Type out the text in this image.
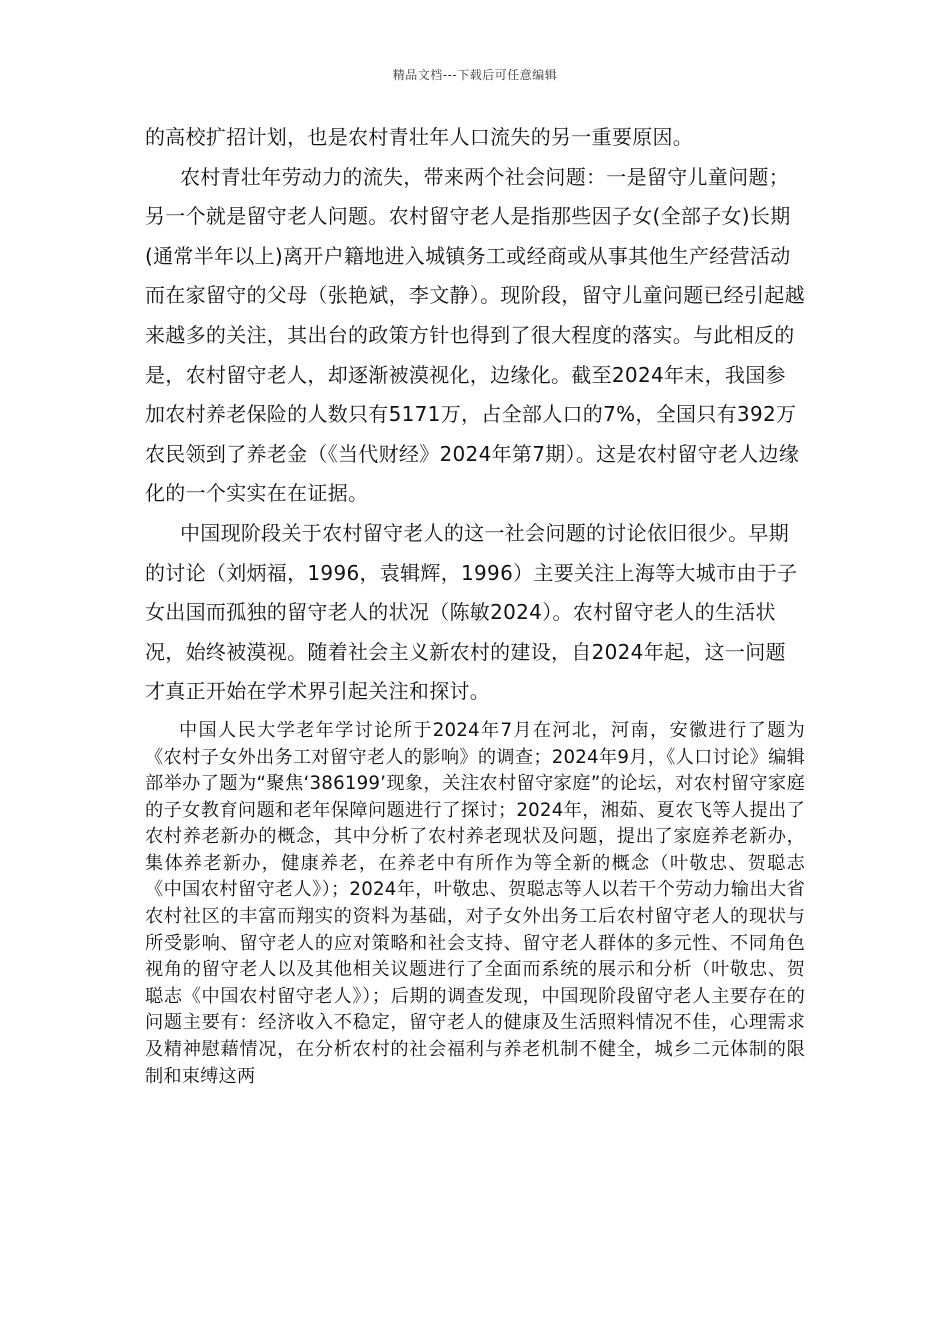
精品文档---下载后可任意编辑

的高校扩招计划，也是农村青壮年人口流失的另一重要原因。

农村青壮年劳动力的流失，带来两个社会问题：一是留守儿童问题；另一个就是留守老人问题。农村留守老人是指那些因子女(全部子女)长期(通常半年以上)离开户籍地进入城镇务工或经商或从事其他生产经营活动而在家留守的父母（张艳斌，李文静）。现阶段，留守儿童问题已经引起越来越多的关注，其出台的政策方针也得到了很大程度的落实。与此相反的是，农村留守老人，却逐渐被漠视化，边缘化。截至2024年末，我国参加农村养老保险的人数只有5171万，占全部人口的7%，全国只有392万农民领到了养老金（《当代财经》2024年第7期）。这是农村留守老人边缘化的一个实实在在证据。

中国现阶段关于农村留守老人的这一社会问题的讨论依旧很少。早期的讨论（刘炳福，1996，袁辑辉，1996）主要关注上海等大城市由于子女出国而孤独的留守老人的状况（陈敏2024）。农村留守老人的生活状况，始终被漠视。随着社会主义新农村的建设，自2024年起，这一问题才真正开始在学术界引起关注和探讨。

中国人民大学老年学讨论所于2024年7月在河北，河南，安徽进行了题为《农村子女外出务工对留守老人的影响》的调查；2024年9月，《人口讨论》编辑部举办了题为“聚焦‘386199’现象，关注农村留守家庭”的论坛，对农村留守家庭的子女教育问题和老年保障问题进行了探讨；2024年，湘茹、夏农飞等人提出了农村养老新办的概念，其中分析了农村养老现状及问题，提出了家庭养老新办，集体养老新办，健康养老，在养老中有所作为等全新的概念（叶敬忠、贺聪志《中国农村留守老人》）；2024年，叶敬忠、贺聪志等人以若干个劳动力输出大省农村社区的丰富而翔实的资料为基础，对子女外出务工后农村留守老人的现状与所受影响、留守老人的应对策略和社会支持、留守老人群体的多元性、不同角色视角的留守老人以及其他相关议题进行了全面而系统的展示和分析（叶敬忠、贺聪志《中国农村留守老人》）；后期的调查发现，中国现阶段留守老人主要存在的问题主要有：经济收入不稳定，留守老人的健康及生活照料情况不佳，心理需求及精神慰藉情况，在分析农村的社会福利与养老机制不健全，城乡二元体制的限制和束缚这两
